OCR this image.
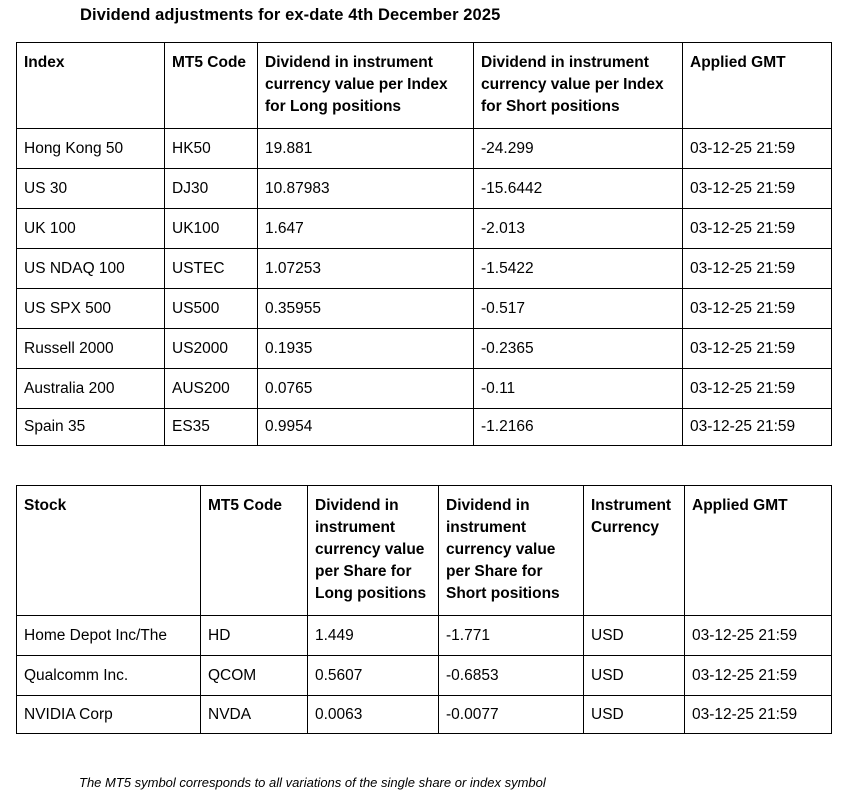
Dividend adjustments for ex-date 4th December 2025
Index	MT5 Code	Dividend in instrument currency value per Index for Long positions	Dividend in instrument currency value per Index for Short positions	Applied GMT
Hong Kong 50	HK50	19.881	-24.299	03-12-25 21:59
US 30	DJ30	10.87983	-15.6442	03-12-25 21:59
UK 100	UK100	1.647	-2.013	03-12-25 21:59
US NDAQ 100	USTEC	1.07253	-1.5422	03-12-25 21:59
US SPX 500	US500	0.35955	-0.517	03-12-25 21:59
Russell 2000	US2000	0.1935	-0.2365	03-12-25 21:59
Australia 200	AUS200	0.0765	-0.11	03-12-25 21:59
Spain 35	ES35	0.9954	-1.2166	03-12-25 21:59
Stock	MT5 Code	Dividend in instrument currency value per Share for Long positions	Dividend in instrument currency value per Share for Short positions	Instrument Currency	Applied GMT
Home Depot Inc/The	HD	1.449	-1.771	USD	03-12-25 21:59
Qualcomm Inc.	QCOM	0.5607	-0.6853	USD	03-12-25 21:59
NVIDIA Corp	NVDA	0.0063	-0.0077	USD	03-12-25 21:59
The MT5 symbol corresponds to all variations of the single share or index symbol
